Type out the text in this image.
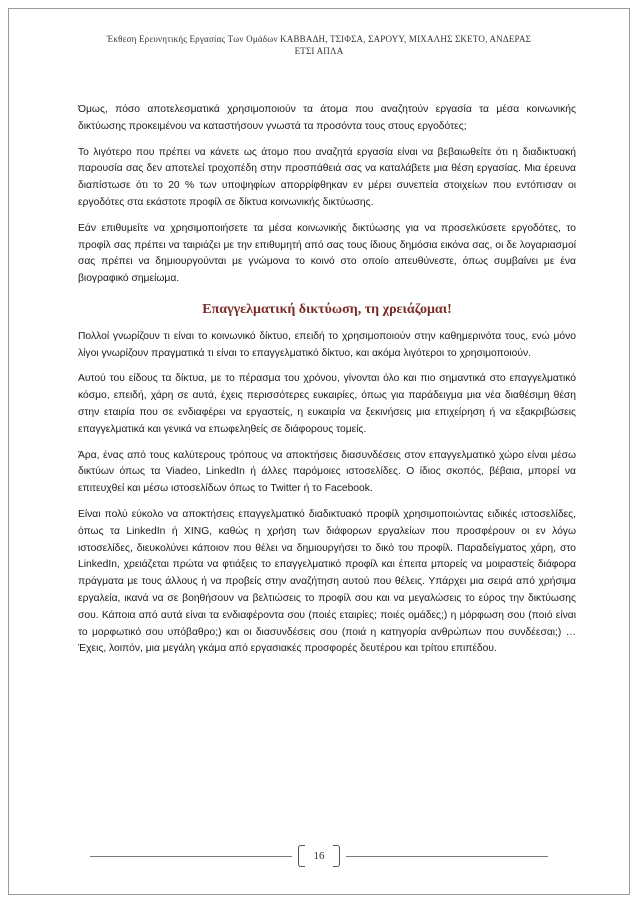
Έκθεση Ερευνητικής Εργασίας Των Ομάδων ΚΑΒΒΑΔΗ, ΤΣΙΦΣΑ, ΣΑΡΟΥΥ, ΜΙΧΑΛΗΣ ΣΚΕΤΟ, ΑΝΔΕΡΑΣ
ΕΤΣΙ ΑΠΛΑ

Όμως, πόσο αποτελεσματικά χρησιμοποιούν τα άτομα που αναζητούν εργασία τα μέσα κοινωνικής δικτύωσης προκειμένου να καταστήσουν γνωστά τα προσόντα τους στους εργοδότες;

Το λιγότερο που πρέπει να κάνετε ως άτομο που αναζητά εργασία είναι να βεβαιωθείτε ότι η διαδικτυακή παρουσία σας δεν αποτελεί τροχοπέδη στην προσπάθειά σας να καταλάβετε μια θέση εργασίας. Μια έρευνα διαπίστωσε ότι το 20 % των υποψηφίων απορρίφθηκαν εν μέρει συνεπεία στοιχείων που εντόπισαν οι εργοδότες στα εκάστοτε προφίλ σε δίκτυα κοινωνικής δικτύωσης.

Εάν επιθυμείτε να χρησιμοποιήσετε τα μέσα κοινωνικής δικτύωσης για να προσελκύσετε εργοδότες, το προφίλ σας πρέπει να ταιριάζει με την επιθυμητή από σας τους ίδιους δημόσια εικόνα σας, οι δε λογαριασμοί σας πρέπει να δημιουργούνται με γνώμονα το κοινό στο οποίο απευθύνεστε, όπως συμβαίνει με ένα βιογραφικό σημείωμα.

Επαγγελματική δικτύωση, τη χρειάζομαι!

Πολλοί γνωρίζουν τι είναι το κοινωνικό δίκτυο, επειδή το χρησιμοποιούν στην καθημερινότα τους, ενώ μόνο λίγοι γνωρίζουν πραγματικά τι είναι το επαγγελματικό δίκτυο, και ακόμα λιγότεροι το χρησιμοποιούν.

Αυτού του είδους τα δίκτυα, με το πέρασμα του χρόνου, γίνονται όλο και πιο σημαντικά στο επαγγελματικό κόσμο, επειδή, χάρη σε αυτά, έχεις περισσότερες ευκαιρίες, όπως για παράδειγμα μια νέα διαθέσιμη θέση στην εταιρία που σε ενδιαφέρει να εργαστείς, η ευκαιρία να ξεκινήσεις μια επιχείρηση ή να εξακριβώσεις επαγγελματικά και γενικά να επωφεληθείς σε διάφορους τομείς.

Άρα, ένας από τους καλύτερους τρόπους να αποκτήσεις διασυνδέσεις στον επαγγελματικό χώρο είναι μέσω δικτύων όπως τα Viadeo, LinkedIn ή άλλες παρόμοιες ιστοσελίδες. Ο ίδιος σκοπός, βέβαια, μπορεί να επιτευχθεί και μέσω ιστοσελίδων όπως το Twitter ή το Facebook.

Είναι πολύ εύκολο να αποκτήσεις επαγγελματικό διαδικτυακό προφίλ χρησιμοποιώντας ειδικές ιστοσελίδες, όπως τα LinkedIn ή XING, καθώς η χρήση των διάφορων εργαλείων που προσφέρουν οι εν λόγω ιστοσελίδες, διευκολύνει κάποιον που θέλει να δημιουργήσει το δικό του προφίλ. Παραδείγματος χάρη, στο LinkedIn, χρειάζεται πρώτα να φτιάξεις το επαγγελματικό προφίλ και έπειτα μπορείς να μοιραστείς διάφορα πράγματα με τους άλλους ή να προβείς στην αναζήτηση αυτού που θέλεις. Υπάρχει μια σειρά από χρήσιμα εργαλεία, ικανά να σε βοηθήσουν να βελτιώσεις το προφίλ σου και να μεγαλώσεις το εύρος την δικτύωσης σου. Κάποια από αυτά είναι τα ενδιαφέροντα σου (ποιές εταιρίες; ποιές ομάδες;) η μόρφωση σου (ποιό είναι το μορφωτικό σου υπόβαθρο;) και οι διασυνδέσεις σου (ποιά η κατηγορία ανθρώπων που συνδέεσαι;) … Έχεις, λοιπόν, μια μεγάλη γκάμα από εργασιακές προσφορές δευτέρου και τρίτου επιπέδου.

16
